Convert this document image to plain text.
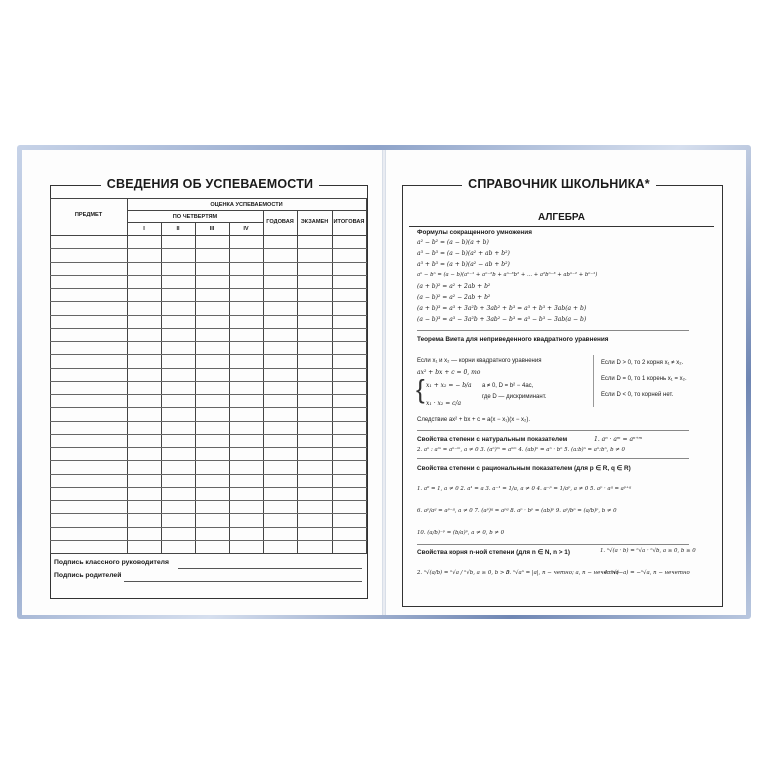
СВЕДЕНИЯ ОБ УСПЕВАЕМОСТИ
ПРЕДМЕТ
ОЦЕНКА УСПЕВАЕМОСТИ
ПО ЧЕТВЕРТЯМ
I	II	III	IV
ГОДОВАЯ	ЭКЗАМЕН ИТОГОВАЯ
Подпись классного руководителя
Подпись родителей
СПРАВОЧНИК ШКОЛЬНИКА*
АЛГЕБРА
Формулы сокращенного умножения
a² − b² = (a − b)(a + b)
a³ − b³ = (a − b)(a² + ab + b²)
a³ + b³ = (a + b)(a² − ab + b²)
aⁿ − bⁿ = (a − b)(aⁿ⁻¹ + aⁿ⁻²b + aⁿ⁻³b² + ... + a²bⁿ⁻³ + abⁿ⁻² + bⁿ⁻¹)
(a + b)² = a² + 2ab + b²
(a − b)² = a² − 2ab + b²
(a + b)³ = a³ + 3a²b + 3ab² + b³ = a³ + b³ + 3ab(a + b)
(a − b)³ = a³ − 3a²b + 3ab² − b³ = a³ − b³ − 3ab(a − b)
Теорема Виета для неприведенного квадратного уравнения
Если x₁ и x₂ — корни квадратного уравнения
ax² + bx + c = 0, то
{ x₁ + x₂ = − b/a
x₁ · x₂ = c/a
a ≠ 0, D = b² − 4ac,
где D — дискриминант.
Следствие ax² + bx + c = a(x − x₁)(x − x₂).
Если D > 0, то 2 корня x₁ ≠ x₂.
Если D = 0, то 1 корень x₁ = x₂.
Если D < 0, то корней нет.
Свойства степени с натуральным показателем	1. aⁿ · aᵐ = aⁿ⁺ᵐ
2. aⁿ : aᵐ = aⁿ⁻ᵐ, a ≠ 0 3. (aⁿ)ᵐ = aⁿᵐ 4. (ab)ⁿ = aⁿ · bⁿ 5. (a:b)ⁿ = aⁿ:bⁿ, b ≠ 0
Свойства степени с рациональным показателем (для p ∈ R, q ∈ R)
1. a⁰ = 1, a ≠ 0 2. a¹ = a 3. a⁻¹ = 1/a, a ≠ 0 4. a⁻ᵖ = 1/aᵖ, a ≠ 0 5. aᵖ · aᵍ = aᵖ⁺ᵍ
6. aᵖ/aᵍ = aᵖ⁻ᵍ, a ≠ 0 7. (aᵖ)ᵍ = aᵖᵍ 8. aᵖ · bᵖ = (ab)ᵖ 9. aᵖ/bᵖ = (a/b)ᵖ, b ≠ 0
10. (a/b)⁻ᵖ = (b/a)ᵖ, a ≠ 0, b ≠ 0
Свойства корня n-ной степени (для n ∈ N, n > 1)	1. ⁿ√(a · b) = ⁿ√a · ⁿ√b, a ≥ 0, b ≥ 0
2. ⁿ√(a/b) = ⁿ√a / ⁿ√b, a ≥ 0, b > 0
3. ⁿ√aⁿ = |a|, n − четно; a, n − нечетно
4. ⁿ√(−a) = −ⁿ√a, n − нечетно
